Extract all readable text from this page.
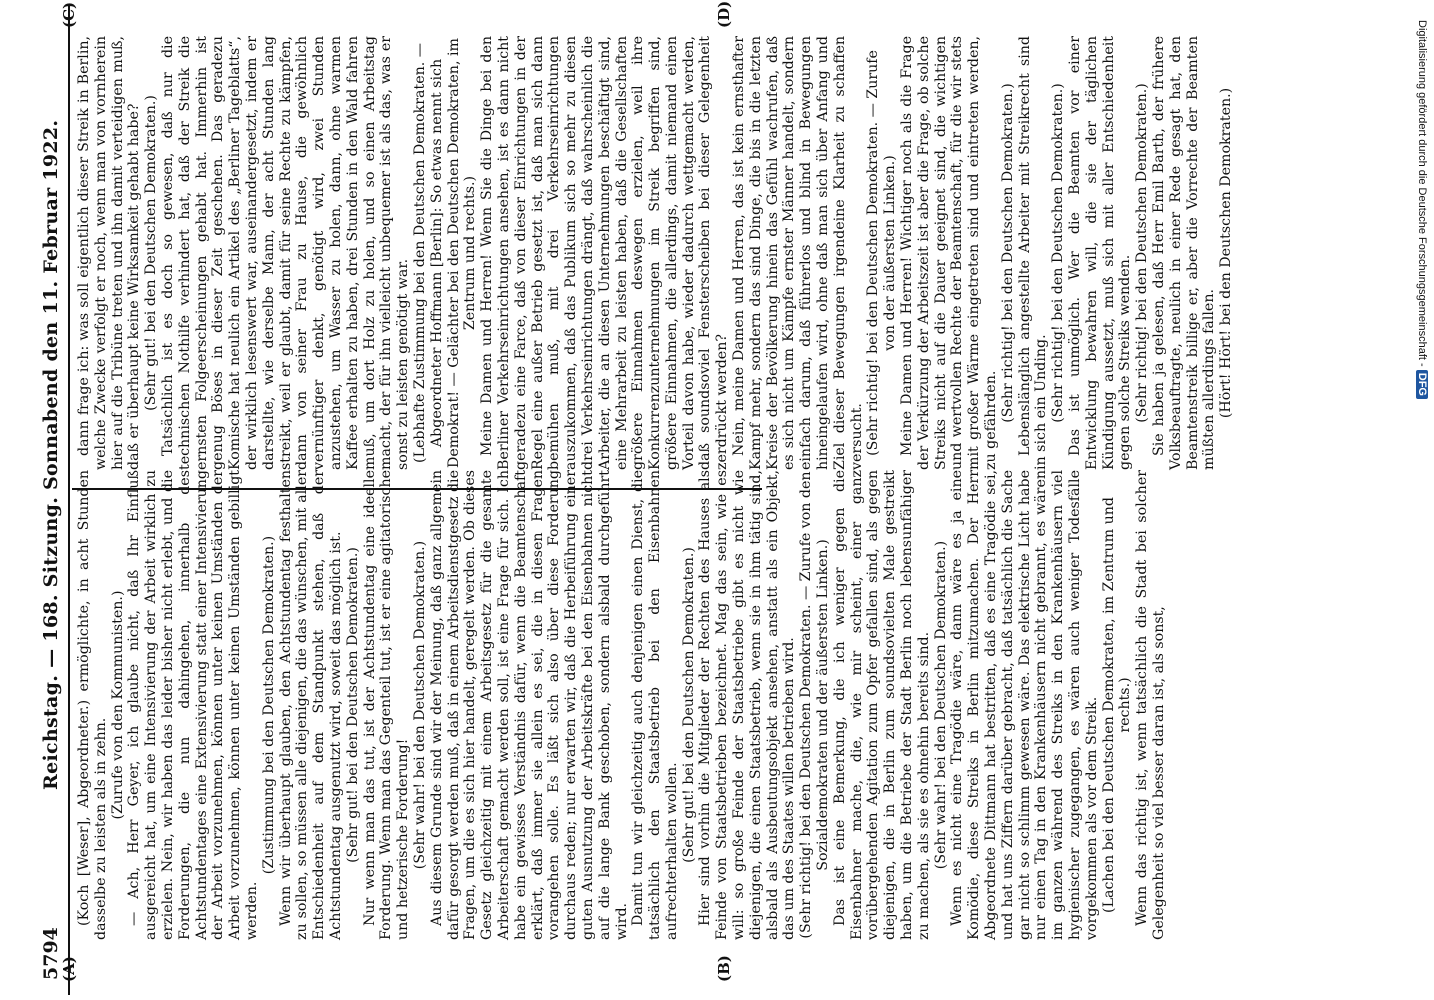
5794
Reichstag. — 168. Sitzung. Sonnabend den 11. Februar 1922.
(A)	(B)
(C)	(D)

(Koch [Weser], Abgeordneter.) ermöglichte, in acht Stunden dasselbe zu leisten als in zehn.

(Zurufe von den Kommunisten.) — Ach, Herr Geyer, ich glaube nicht, daß Ihr Einfluß ausgereicht hat, um eine Intensivierung der Arbeit wirklich zu erzielen. Nein, wir haben das leider bisher nicht erlebt, und die Forderungen, die nun dahingehen, innerhalb des Achtstundentages eine Extensivierung statt einer Intensivierung der Arbeit vorzunehmen, können unter keinen Umständen der Arbeit vorzunehmen, können unter keinen Umständen gebilligt werden.

(Zustimmung bei den Deutschen Demokraten.) Wenn wir überhaupt glauben, den Achtstundentag festhalten zu sollen, so müssen alle diejenigen, die das wünschen, mit aller Entschiedenheit auf dem Standpunkt stehen, daß der Achtstundentag ausgenutzt wird, soweit das möglich ist. (Sehr gut! bei den Deutschen Demokraten.) Nur wenn man das tut, ist der Achtstundentag eine ideelle Forderung. Wenn man das Gegenteil tut, ist er eine agitatorische und hetzerische Forderung! (Sehr wahr! bei den Deutschen Demokraten.) Aus diesem Grunde sind wir der Meinung, daß ganz allgemein dafür gesorgt werden muß, daß in einem Arbeitsdienstgesetz die Fragen, um die es sich hier handelt, geregelt werden. Ob dieses Gesetz gleichzeitig mit einem Arbeitsgesetz für die gesamte Arbeiterschaft gemacht werden soll, ist eine Frage für sich. Ich habe ein gewisses Verständnis dafür, wenn die Beamtenschaft erklärt, daß immer sie allein es sei, die in diesen Fragen vorangehen solle. Es läßt sich also über diese Forderung durchaus reden; nur erwarten wir, daß die Herbeiführung einer guten Ausnutzung der Arbeitskräfte bei den Eisenbahnen nicht auf die lange Bank geschoben, sondern alsbald durchgeführt wird. Damit tun wir gleichzeitig auch denjenigen einen Dienst, die tatsächlich den Staatsbetrieb bei den Eisenbahnen aufrechterhalten wollen. (Sehr gut! bei den Deutschen Demokraten.) Hier sind vorhin die Mitglieder der Rechten des Hauses als Feinde von Staatsbetrieben bezeichnet. Mag das sein, wie es will: so große Feinde der Staatsbetriebe gibt es nicht wie diejenigen, die einen Staatsbetrieb, wenn sie in ihm tätig sind, alsbald als Ausbeutungsobjekt ansehen, anstatt als ein Objekt, das um des Staates willen betrieben wird. (Sehr richtig! bei den Deutschen Demokraten. — Zurufe von den Sozialdemokraten und der äußersten Linken.) Das ist eine Bemerkung, die ich weniger gegen die Eisenbahner mache, die, wie mir scheint, einer ganz vorübergehenden Agitation zum Opfer gefallen sind, als gegen diejenigen, die in Berlin zum soundsovielten Male gestreikt haben, um die Betriebe der Stadt Berlin noch lebensunfähiger zu machen, als sie es ohnehin bereits sind. (Sehr wahr! bei den Deutschen Demokraten.) Wenn es nicht eine Tragödie wäre, dann wäre es ja eine Komödie, diese Streiks in Berlin mitzumachen. Der Herr Abgeordnete Dittmann hat bestritten, daß es eine Tragödie sei, und hat uns Ziffern darüber gebracht, daß tatsächlich die Sache gar nicht so schlimm gewesen wäre. Das elektrische Licht habe nur einen Tag in den Krankenhäusern nicht gebrannt, es wären im ganzen während des Streiks in den Krankenhäusern viel hygienischer zugegangen, es wären auch weniger Todesfälle vorgekommen als vor dem Streik. (Lachen bei den Deutschen Demokraten, im Zentrum und rechts.) Wenn das richtig ist, wenn tatsächlich die Stadt bei solcher Gelegenheit so viel besser daran ist, als sonst,

dann frage ich: was soll eigentlich dieser Streik in Berlin, welche Zwecke verfolgt er noch, wenn man von vornherein hier auf die Tribüne treten und ihn damit verteidigen muß, daß er überhaupt keine Wirksamkeit gehabt habe? (Sehr gut! bei den Deutschen Demokraten.) Tatsächlich ist es doch so gewesen, daß nur die technischen Nothilfe verhindert hat, daß der Streik die ernsten Folgeerscheinungen gehabt hat. Immerhin ist genug Böses in dieser Zeit geschehen. Das geradezu Komische hat neulich ein Artikel des „Berliner Tageblatts“, der wirklich lesenswert war, auseinandergesetzt, indem er darstellte, wie derselbe Mann, der acht Stunden lang streikt, weil er glaubt, damit für seine Rechte zu kämpfen, dann von seiner Frau zu Hause, die gewöhnlich vernünftiger denkt, genötigt wird, zwei Stunden anzustehen, um Wasser zu holen, dann, ohne warmen Kaffee erhalten zu haben, drei Stunden in den Wald fahren muß, um dort Holz zu holen, und so einen Arbeitstag macht, der für ihn vielleicht unbequemer ist als das, was er sonst zu leisten genötigt war. (Lebhafte Zustimmung bei den Deutschen Demokraten. — Abgeordneter Hoffmann [Berlin]: So etwas nennt sich Demokrat! — Gelächter bei den Deutschen Demokraten, im Zentrum und rechts.) Meine Damen und Herren! Wenn Sie die Dinge bei den Berliner Verkehrseinrichtungen ansehen, ist es dann nicht geradezu eine Farce, daß von dieser Einrichtungen in der Regel eine außer Betrieb gesetzt ist, daß man sich dann bemühen muß, mit drei Verkehrseinrichtungen auszukommen, daß das Publikum sich so mehr zu diesen drei Verkehrseinrichtungen drängt, daß wahrscheinlich die Arbeiter, die an diesen Unternehmungen beschäftigt sind, eine Mehrarbeit zu leisten haben, daß die Gesellschaften größere Einnahmen deswegen erzielen, weil ihre Konkurrenzunternehmungen im Streik begriffen sind, größere Einnahmen, die allerdings, damit niemand einen Vorteil davon habe, wieder dadurch wettgemacht werden, daß soundsoviel Fensterscheiben bei dieser Gelegenheit zerdrückt werden? Nein, meine Damen und Herren, das ist kein ernsthafter Kampf mehr, sondern das sind Dinge, die bis in die letzten Kreise der Bevölkerung hinein das Gefühl wachrufen, daß es sich nicht um Kämpfe ernster Männer handelt, sondern einfach darum, daß führerlos und blind in Bewegungen hineingelaufen wird, ohne daß man sich über Anfang und Ziel dieser Bewegungen irgendeine Klarheit zu schaffen versucht. (Sehr richtig! bei den Deutschen Demokraten. — Zurufe von der äußersten Linken.) Meine Damen und Herren! Wichtiger noch als die Frage der Verkürzung der Arbeitszeit ist aber die Frage, ob solche Streiks nicht auf die Dauer geeignet sind, die wichtigen und wertvollen Rechte der Beamtenschaft, für die wir stets mit großer Wärme eingetreten sind und eintreten werden, zu gefährden. (Sehr richtig! bei den Deutschen Demokraten.) Lebenslänglich angestellte Arbeiter mit Streikrecht sind in sich ein Unding. (Sehr richtig! bei den Deutschen Demokraten.) Das ist unmöglich. Wer die Beamten vor einer Entwicklung bewahren will, die sie der täglichen Kündigung aussetzt, muß sich mit aller Entschiedenheit gegen solche Streiks wenden. (Sehr richtig! bei den Deutschen Demokraten.) Sie haben ja gelesen, daß Herr Emil Barth, der frühere Volksbeauftragte, neulich in einer Rede gesagt hat, den Beamtenstreik billige er, aber die Vorrechte der Beamten müßten allerdings fallen. (Hört! Hört! bei den Deutschen Demokraten.)	Digitalisierung gefördert durch die Deutsche Forschungsgemeinschaft - DFG
